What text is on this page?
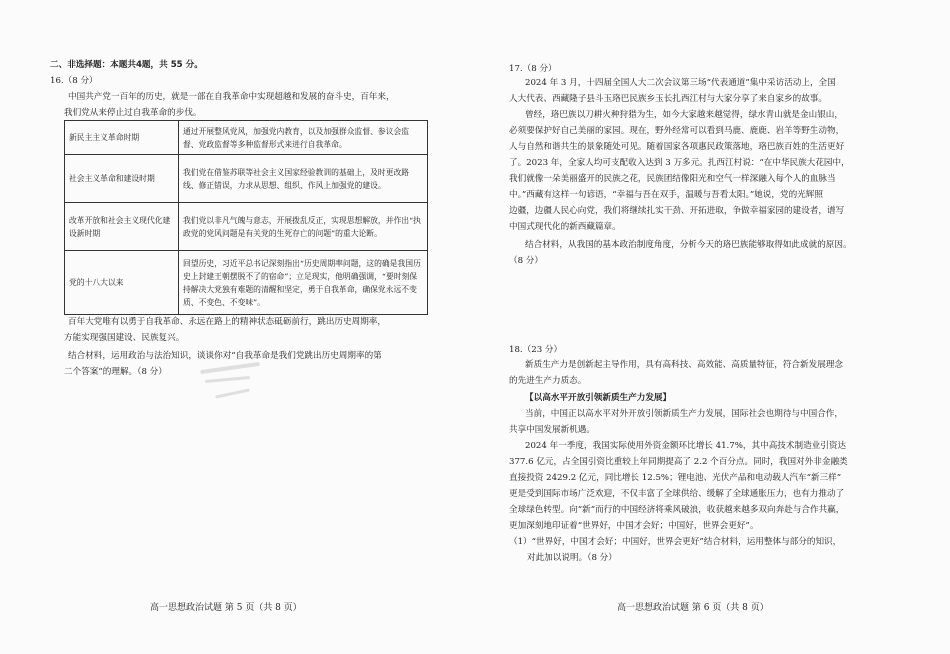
二、非选择题：本题共4题，共 55 分。
16.（8 分）
中国共产党一百年的历史，就是一部在自我革命中实现超越和发展的奋斗史，百年来，
我们党从来停止过自我革命的步伐。
新民主主义革命时期	通过开展整风党风，加强党内教育，以及加强群众监督、参议会监督、党政监督等多种监督形式来进行自我革命。
社会主义革命和建设时期	我们党在借鉴苏联等社会主义国家经验教训的基础上，及时更改路线、修正错误，力求从思想、组织、作风上加强党的建设。
改革开放和社会主义现代化建设新时期	我们党以非凡气魄与意志，开展拨乱反正，实现思想解放，并作出“执政党的党风问题是有关党的生死存亡的问题”的重大论断。
党的十八大以来	回望历史，习近平总书记深刻指出“历史周期率问题，这的确是我国历史上封建王朝摆脱不了的宿命”；立足现实，他明确强调，“要时刻保持解决大党独有难题的清醒和坚定，勇于自我革命，确保党永远不变质、不变色、不变味”。
百年大党唯有以勇于自我革命、永远在路上的精神状态砥砺前行，跳出历史周期率，
方能实现强国建设、民族复兴。
结合材料，运用政治与法治知识，谈谈你对“自我革命是我们党跳出历史周期率的第
二个答案”的理解。（8 分）
高一思想政治试题 第 5 页（共 8 页）
17.（8 分）
2024 年 3 月，十四届全国人大二次会议第三场“代表通道”集中采访活动上，全国
人大代表、西藏隆子县斗玉珞巴民族乡玉长扎西江村与大家分享了来自家乡的故事。
曾经，珞巴族以刀耕火种狩猎为生，如今大家越来越觉得，绿水青山就是金山银山，
必须要保护好自己美丽的家园。现在，野外经常可以看到马鹿、鹿鹿、岩羊等野生动物，
人与自然和谐共生的景象随处可见。随着国家各项惠民政策落地，珞巴族百姓的生活更好
了。2023 年，全家人均可支配收入达到 3 万多元。扎西江村说：“在中华民族大花园中，
我们就像一朵美丽盛开的民族之花，民族团结像阳光和空气一样深融入每个人的血脉当
中。”西藏有这样一句谚语，“幸福与吾在双手，温暖与吾看太阳。”她说，党的光辉照
边疆，边疆人民心向党，我们将继续扎实干劲、开拓进取，争做幸福家园的建设者，谱写
中国式现代化的新西藏篇章。
结合材料，从我国的基本政治制度角度，分析今天的珞巴族能够取得如此成就的原因。
（8 分）
18.（23 分）
新质生产力是创新起主导作用，具有高科技、高效能、高质量特征，符合新发展理念
的先进生产力质态。
【以高水平开放引领新质生产力发展】
当前，中国正以高水平对外开放引领新质生产力发展，国际社会也期待与中国合作，
共享中国发展新机遇。
2024 年一季度，我国实际使用外资金额环比增长 41.7%，其中高技术制造业引资达
377.6 亿元，占全国引资比重较上年同期提高了 2.2 个百分点。同时，我国对外非金融类
直接投资 2429.2 亿元，同比增长 12.5%；锂电池、光伏产品和电动载人汽车“新三样”
更是受到国际市场广泛欢迎，不仅丰富了全球供给、缓解了全球通胀压力，也有力推动了
全球绿色转型。向“新”而行的中国经济将乘风破浪，收获越来越多双向奔赴与合作共赢，
更加深刻地印证着“世界好，中国才会好；中国好，世界会更好”。
（1）“世界好，中国才会好；中国好，世界会更好”结合材料，运用整体与部分的知识，
对此加以说明。（8 分）
高一思想政治试题 第 6 页（共 8 页）
